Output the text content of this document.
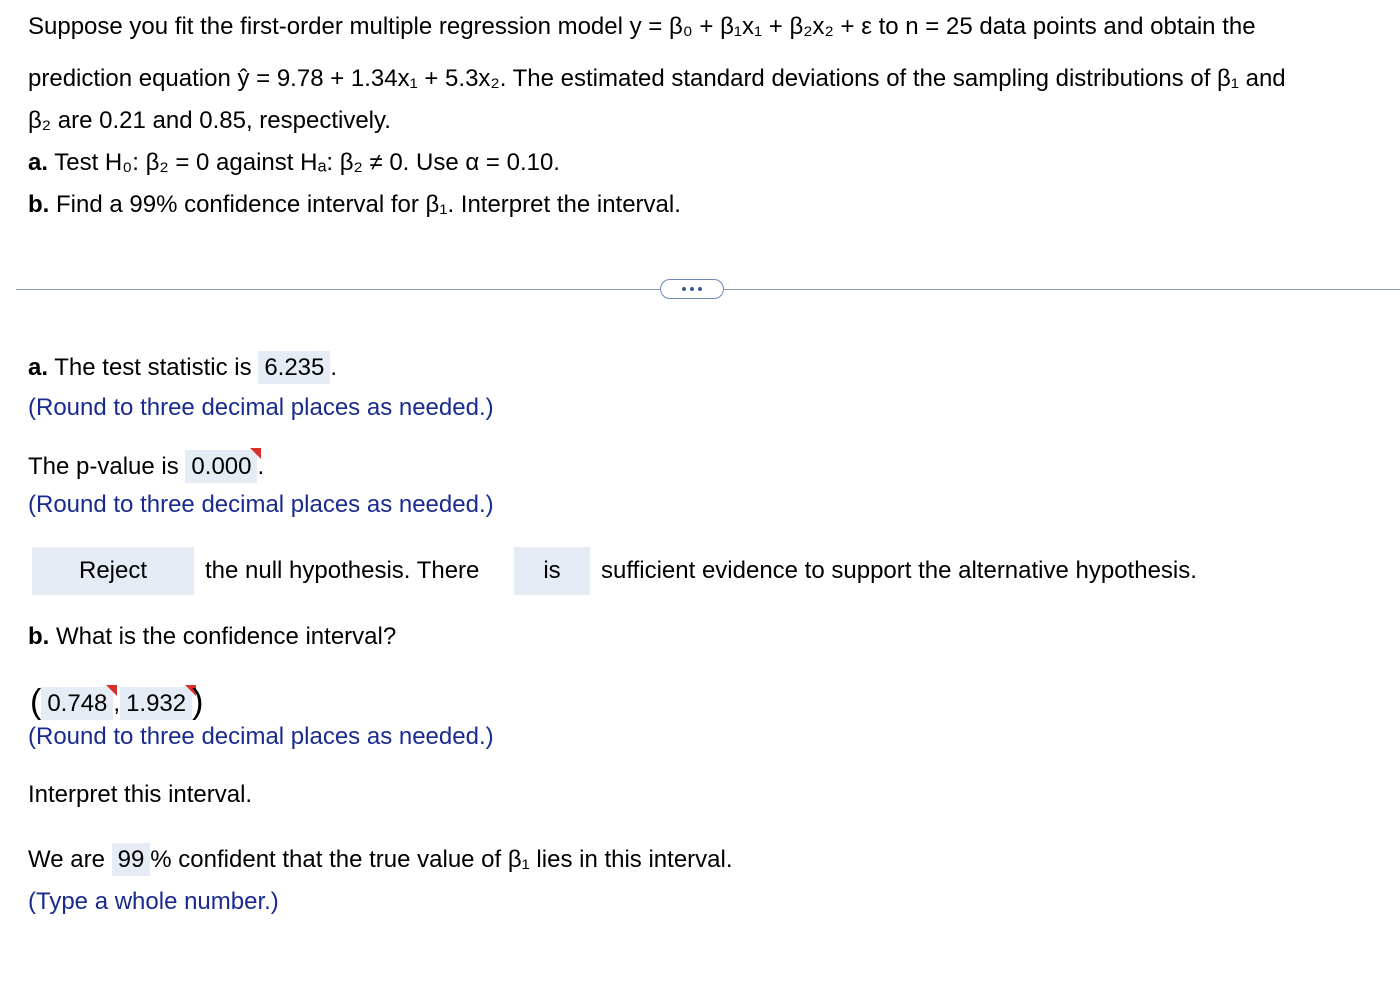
Suppose you fit the first-order multiple regression model y = β₀ + β₁x₁ + β₂x₂ + ε to n = 25 data points and obtain the
prediction equation ŷ = 9.78 + 1.34x₁ + 5.3x₂. The estimated standard deviations of the sampling distributions of β₁ and
β₂ are 0.21 and 0.85, respectively.
a. Test H₀: β₂ = 0 against Hₐ: β₂ ≠ 0. Use α = 0.10.
b. Find a 99% confidence interval for β₁. Interpret the interval.
a. The test statistic is 6.235 .
(Round to three decimal places as needed.)
The p-value is 0.000 .
(Round to three decimal places as needed.)
Reject	the null hypothesis. There	is	sufficient evidence to support the alternative hypothesis.
b. What is the confidence interval?
( 0.748 , 1.932 )
(Round to three decimal places as needed.)
Interpret this interval.
We are 99 % confident that the true value of β₁ lies in this interval.
(Type a whole number.)
